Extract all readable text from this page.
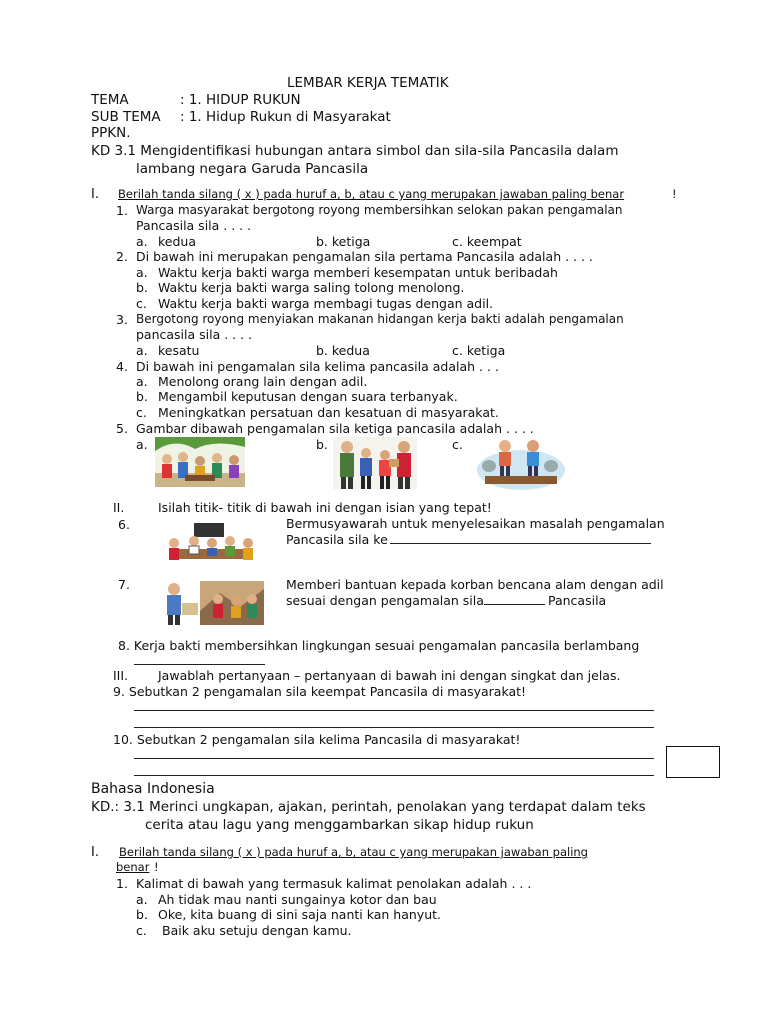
LEMBAR KERJA TEMATIK
TEMA	: 1. HIDUP RUKUN
SUB TEMA : 1. Hidup Rukun di Masyarakat
PPKN.
KD 3.1 Mengidentifikasi hubungan antara simbol dan sila-sila Pancasila dalam
lambang negara Garuda Pancasila
I. Berilah tanda silang ( x ) pada huruf a, b, atau c yang merupakan jawaban paling benar	!
1. Warga masyarakat bergotong royong membersihkan selokan pakan pengamalan
Pancasila sila . . . .
a. kedua	b. ketiga	c. keempat
2. Di bawah ini merupakan pengamalan sila pertama Pancasila adalah . . . .
a. Waktu kerja bakti warga memberi kesempatan untuk beribadah
b. Waktu kerja bakti warga saling tolong menolong.
c. Waktu kerja bakti warga membagi tugas dengan adil.
3. Bergotong royong menyiakan makanan hidangan kerja bakti adalah pengamalan
pancasila sila . . . .
a. kesatu	b. kedua	c. ketiga
4. Di bawah ini pengamalan sila kelima pancasila adalah . . .
a. Menolong orang lain dengan adil.
b. Mengambil keputusan dengan suara terbanyak.
c. Meningkatkan persatuan dan kesatuan di masyarakat.
5. Gambar dibawah pengamalan sila ketiga pancasila adalah . . . .
a.	b.	c.
II.	Isilah titik- titik di bawah ini dengan isian yang tepat!
6.	Bermusyawarah untuk menyelesaikan masalah pengamalan
Pancasila sila ke
7.	Memberi bantuan kepada korban bencana alam dengan adil
sesuai dengan pengamalan sila	Pancasila
8. Kerja bakti membersihkan lingkungan sesuai pengamalan pancasila berlambang
III. Jawablah pertanyaan – pertanyaan di bawah ini dengan singkat dan jelas.
9. Sebutkan 2 pengamalan sila keempat Pancasila di masyarakat!
10. Sebutkan 2 pengamalan sila kelima Pancasila di masyarakat!
Bahasa Indonesia
KD.: 3.1 Merinci ungkapan, ajakan, perintah, penolakan yang terdapat dalam teks
cerita atau lagu yang menggambarkan sikap hidup rukun
I. Berilah tanda silang ( x ) pada huruf a, b, atau c yang merupakan jawaban paling
benar !
1. Kalimat di bawah yang termasuk kalimat penolakan adalah . . .
a. Ah tidak mau nanti sungainya kotor dan bau
b. Oke, kita buang di sini saja nanti kan hanyut.
c. Baik aku setuju dengan kamu.
